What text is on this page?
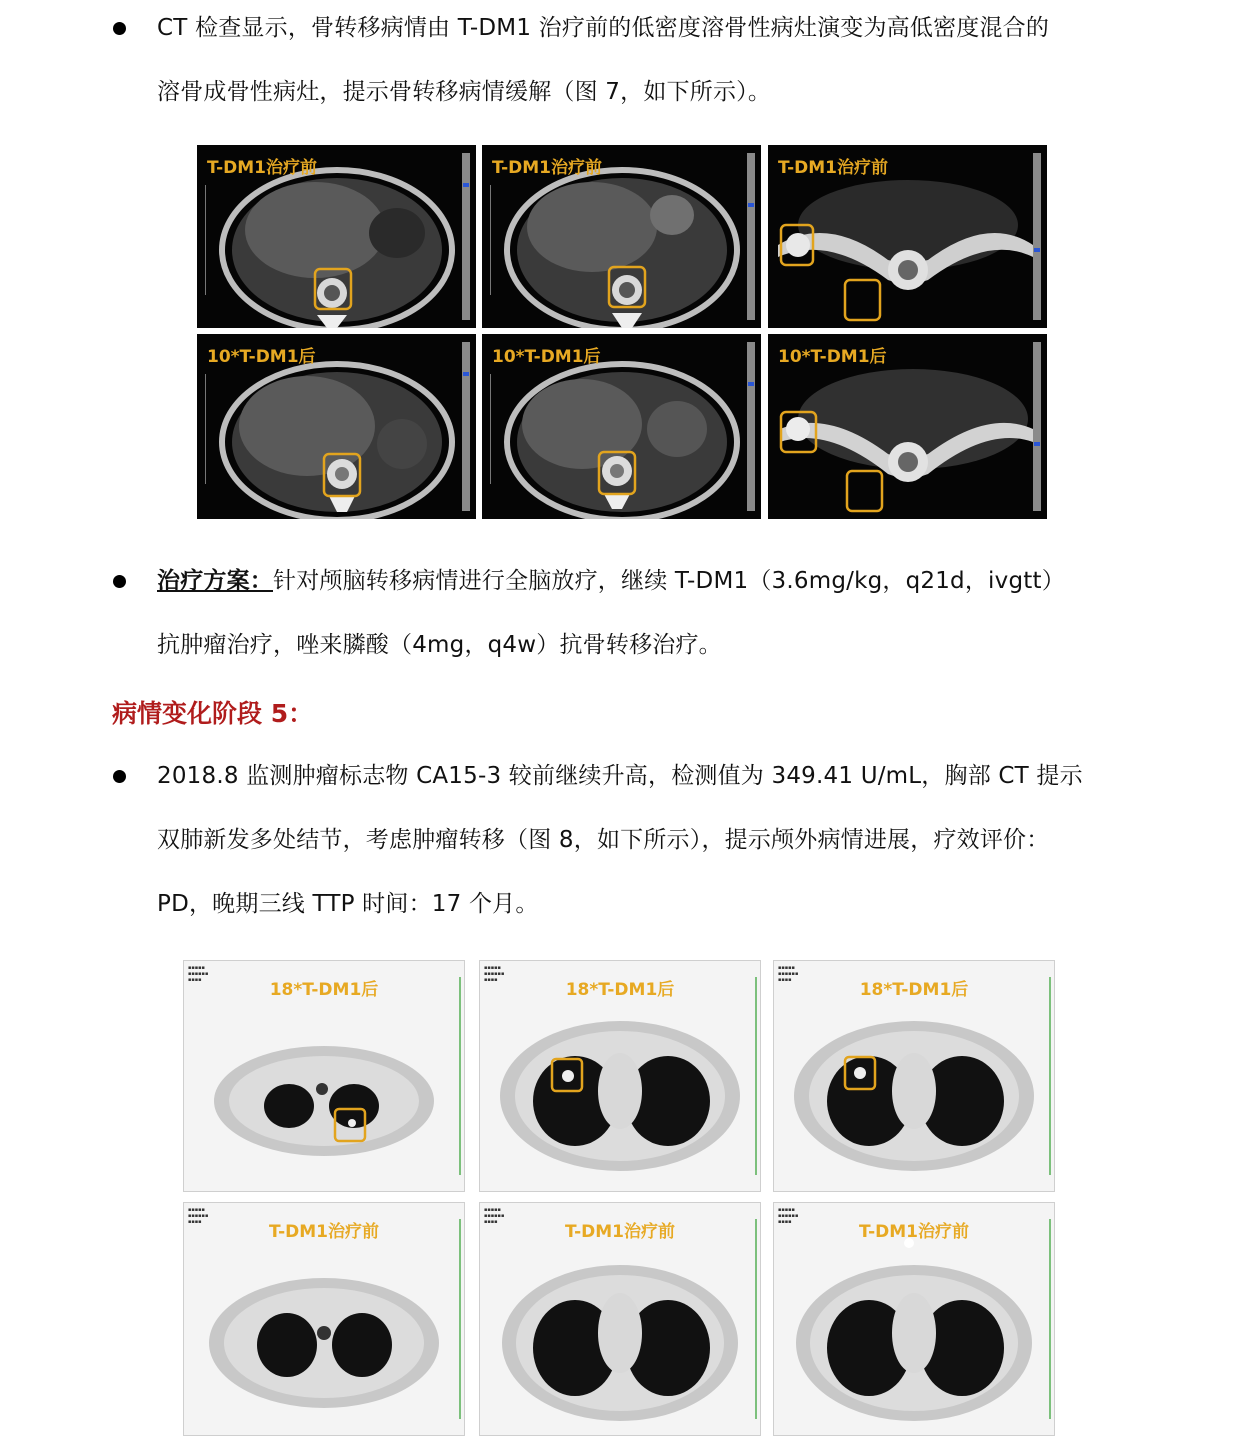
CT 检查显示，骨转移病情由 T-DM1 治疗前的低密度溶骨性病灶演变为高低密度混合的
溶骨成骨性病灶，提示骨转移病情缓解（图 7，如下所示）。
T-DM1治疗前	T-DM1治疗前	T-DM1治疗前
10*T-DM1后	10*T-DM1后	10*T-DM1后
治疗方案：针对颅脑转移病情进行全脑放疗，继续 T-DM1（3.6mg/kg，q21d，ivgtt）
抗肿瘤治疗，唑来膦酸（4mg，q4w）抗骨转移治疗。
病情变化阶段 5：
2018.8 监测肿瘤标志物 CA15-3 较前继续升高，检测值为 349.41 U/mL，胸部 CT 提示
双肺新发多处结节，考虑肿瘤转移（图 8，如下所示），提示颅外病情进展，疗效评价：
PD，晚期三线 TTP 时间：17 个月。
▪▪▪▪▪
▪▪▪▪▪▪
▪▪▪▪	18*T-DM1后
▪▪▪▪▪
▪▪▪▪▪▪
▪▪▪▪	18*T-DM1后
▪▪▪▪▪
▪▪▪▪▪▪
▪▪▪▪	18*T-DM1后
▪▪▪▪▪
▪▪▪▪▪▪
▪▪▪▪	T-DM1治疗前
▪▪▪▪▪
▪▪▪▪▪▪
▪▪▪▪	T-DM1治疗前
▪▪▪▪▪
▪▪▪▪▪▪
▪▪▪▪	T-DM1治疗前
